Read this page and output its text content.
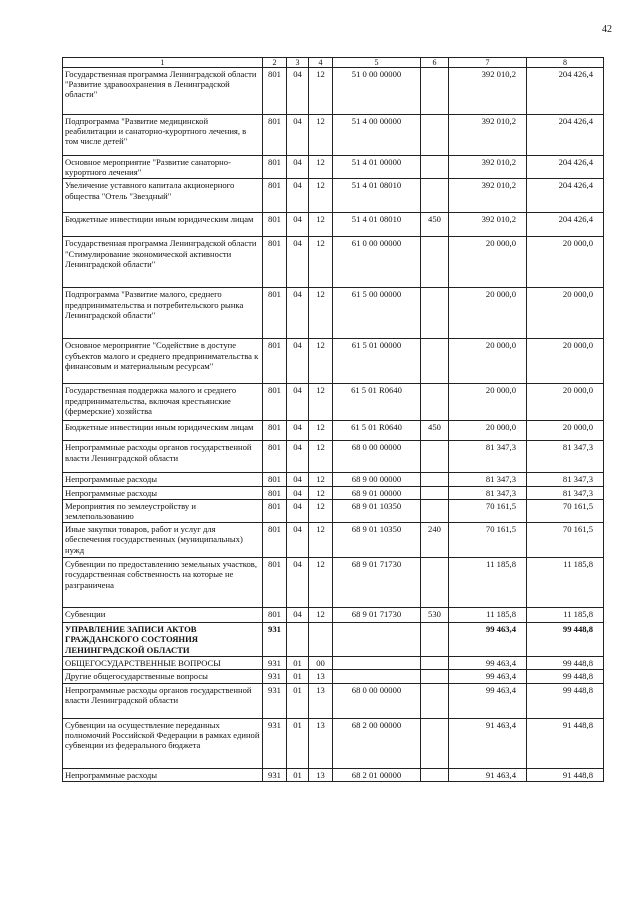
42
1	2	3	4	5	6	7	8
Государственная программа Ленинградской области "Развитие здравоохранения в Ленинградской области"	801	04	12	51 0 00 00000		392 010,2	204 426,4
Подпрограмма "Развитие медицинской реабилитации и санаторно-курортного лечения, в том числе детей"	801	04	12	51 4 00 00000		392 010,2	204 426,4
Основное мероприятие "Развитие санаторно-курортного лечения"	801	04	12	51 4 01 00000		392 010,2	204 426,4
Увеличение уставного капитала акционерного общества "Отель "Звездный"	801	04	12	51 4 01 08010		392 010,2	204 426,4
Бюджетные инвестиции иным юридическим лицам	801	04	12	51 4 01 08010	450	392 010,2	204 426,4
Государственная программа Ленинградской области "Стимулирование экономической активности Ленинградской области"	801	04	12	61 0 00 00000		20 000,0	20 000,0
Подпрограмма "Развитие малого, среднего предпринимательства и потребительского рынка Ленинградской области"	801	04	12	61 5 00 00000		20 000,0	20 000,0
Основное мероприятие "Содействие в доступе субъектов малого и среднего предпринимательства к финансовым и материальным ресурсам"	801	04	12	61 5 01 00000		20 000,0	20 000,0
Государственная поддержка малого и среднего предпринимательства, включая крестьянские (фермерские) хозяйства	801	04	12	61 5 01 R0640		20 000,0	20 000,0
Бюджетные инвестиции иным юридическим лицам	801	04	12	61 5 01 R0640	450	20 000,0	20 000,0
Непрограммные расходы органов государственной власти Ленинградской области	801	04	12	68 0 00 00000		81 347,3	81 347,3
Непрограммные расходы	801	04	12	68 9 00 00000		81 347,3	81 347,3
Непрограммные расходы	801	04	12	68 9 01 00000		81 347,3	81 347,3
Мероприятия по землеустройству и землепользованию	801	04	12	68 9 01 10350		70 161,5	70 161,5
Иные закупки товаров, работ и услуг для обеспечения государственных (муниципальных) нужд	801	04	12	68 9 01 10350	240	70 161,5	70 161,5
Субвенции по предоставлению земельных участков, государственная собственность на которые не разграничена	801	04	12	68 9 01 71730		11 185,8	11 185,8
Субвенции	801	04	12	68 9 01 71730	530	11 185,8	11 185,8
УПРАВЛЕНИЕ ЗАПИСИ АКТОВ ГРАЖДАНСКОГО СОСТОЯНИЯ ЛЕНИНГРАДСКОЙ ОБЛАСТИ	931					99 463,4	99 448,8
ОБЩЕГОСУДАРСТВЕННЫЕ ВОПРОСЫ	931	01	00			99 463,4	99 448,8
Другие общегосударственные вопросы	931	01	13			99 463,4	99 448,8
Непрограммные расходы органов государственной власти Ленинградской области	931	01	13	68 0 00 00000		99 463,4	99 448,8
Субвенции на осуществление переданных полномочий Российской Федерации в рамках единой субвенции из федерального бюджета	931	01	13	68 2 00 00000		91 463,4	91 448,8
Непрограммные расходы	931	01	13	68 2 01 00000		91 463,4	91 448,8
